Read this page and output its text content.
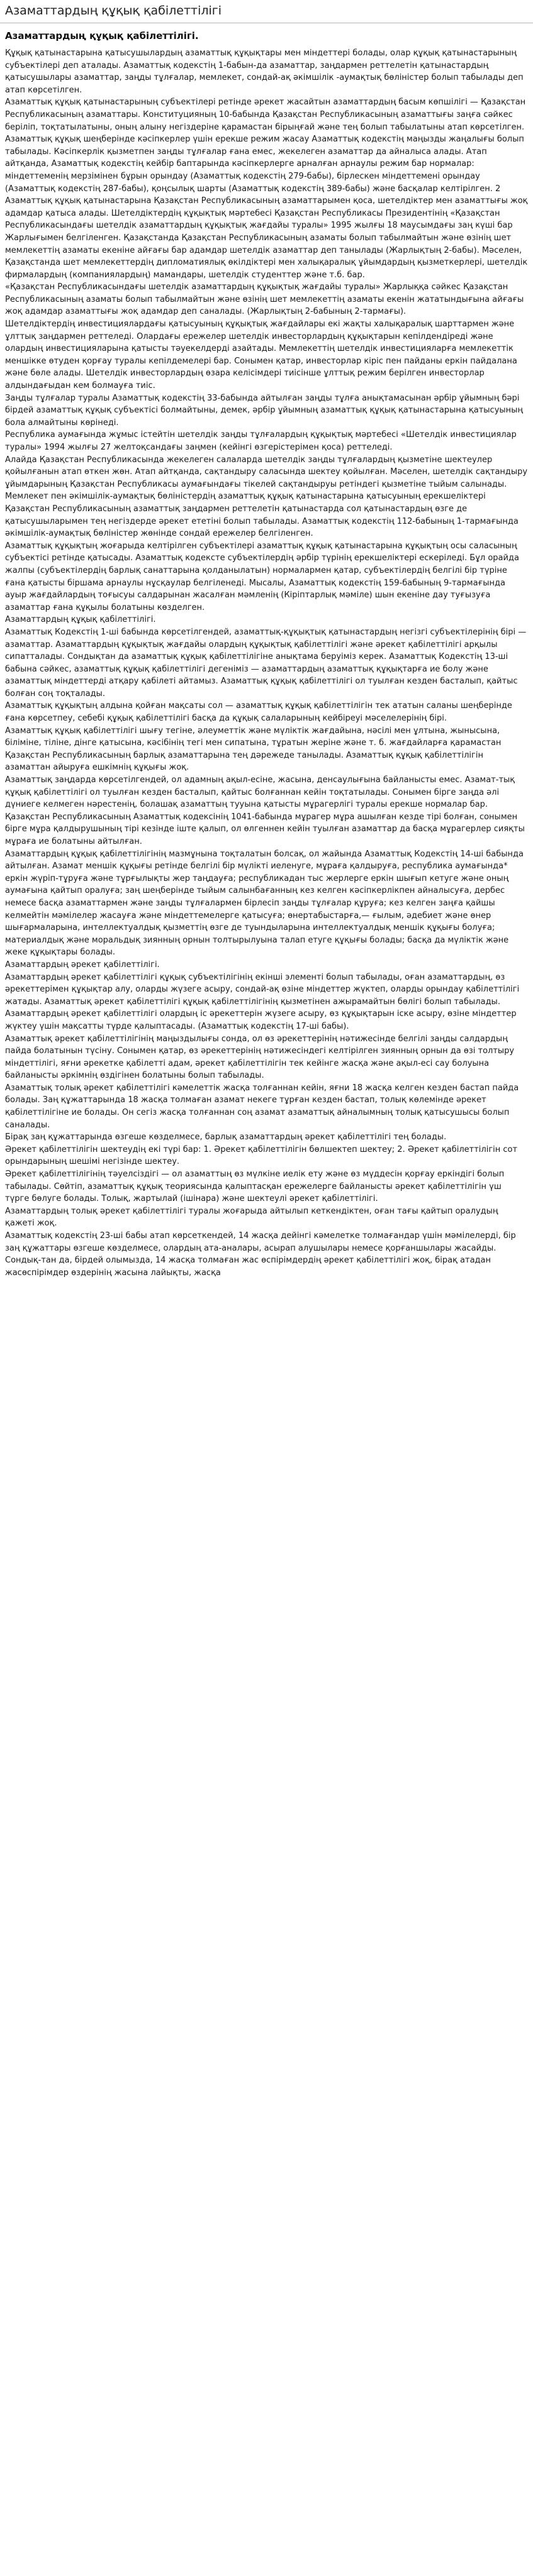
Азаматтардың құқық қабілеттілігі
Азаматтардың құқық қабілеттілігі.

Құқық қатынастарына қатысушылардың азаматтық құқықтары мен міндеттері болады, олар құқық қатынастарының субъектілері деп аталады. Азаматтық кодекстің 1-бабын-да азаматтар, заңдармен реттелетін қатынастардың қатысушылары азаматтар, заңды тұлғалар, мемлекет, сондай-ақ әкімшілік -аумақтық бөліністер болып табылады деп атап көрсетілген.

Азаматтық құқық қатынастарының субъектілері ретінде әрекет жасайтын азаматтардың басым көпшілігі — Қазақстан Республикасының азаматтары. Конституцияның 10-бабында Қазақстан Республикасының азаматтығы заңға сәйкес беріліп, тоқтатылатыны, оның алыну негіздеріне қарамастан бірыңғай және тең болып табылатыны атап көрсетілген.

Азаматтық құқық шеңберінде кәсіпкерлер үшін ерекше режим жасау Азаматтық кодекстің маңызды жаңалығы болып табылады. Кәсіпкерлік қызметпен заңды тұлғалар ғана емес, жекелеген азаматтар да айналыса алады. Атап айтқанда, Азаматтық кодекстің кейбір баптарында кәсіпкерлерге арналған арнаулы режим бар нормалар: міндеттеменің мерзімінен бұрын орындау (Азаматтық кодекстің 279-бабы), бірлескен міндеттемені орындау (Азаматтық кодекстің 287-бабы), қоңсылық шарты (Азаматтық кодекстің 389-бабы) және басқалар келтірілген. 2

Азаматтық құқық қатынастарына Қазақстан Республикасының азаматтарымен қоса, шетелдіктер мен азаматтығы жоқ адамдар қатыса алады. Шетелдіктердің құқықтық мәртебесі Қазақстан Республикасы Президентінің «Қазақстан Республикасындағы шетелдік азаматтардың құқықтық жағдайы туралы» 1995 жылғы 18 маусымдағы заң күші бар Жарлығымен белгіленген. Қазақстанда Қазақстан Республикасының азаматы болып табылмайтын және өзінің шет мемлекеттің азаматы екеніне айғағы бар адамдар шетелдік азаматтар деп танылады (Жарлықтың 2-бабы). Мәселен, Қазақстанда шет мемлекеттердің дипломатиялық өкілдіктері мен халықаралық ұйымдардың қызметкерлері, шетелдік фирмалардың (компаниялардың) мамандары, шетелдік студенттер және т.б. бар.

«Қазақстан Республикасындағы шетелдік азаматтардың құқықтық жағдайы туралы» Жарлыққа сәйкес Қазақстан Республикасының азаматы болып табылмайтын және өзінің шет мемлекеттің азаматы екенін жататындығына айғағы жоқ адамдар азаматтығы жоқ адамдар деп саналады. (Жарлықтың 2-бабының 2-тармағы).

Шетелдіктердің инвестициялардағы қатысуының құқықтық жағдайлары екі жақты халықаралық шарттармен және ұлттық заңдармен реттеледі. Олардағы ережелер шетелдік инвесторлардың құқықтарын кепілдендіреді және олардың инвестицияларына қатысты тәуекелдерді азайтады. Мемлекеттің шетелдік инвестицияларға мемлекеттік меншікке өтуден қорғау туралы кепілдемелері бар. Сонымен қатар, инвесторлар кіріс пен пайданы еркін пайдалана және бөле алады. Шетелдік инвесторлардың өзара келісімдері тиісінше ұлттық режим берілген инвесторлар алдындағыдан кем болмауға тиіс.

Заңды тұлғалар туралы Азаматтық кодекстің 33-бабында айтылған заңды тұлға анықтамасынан әрбір ұйымның бәрі бірдей азаматтық құқық субъектісі болмайтыны, демек, әрбір ұйымның азаматтық құқық қатынастарына қатысуының бола алмайтыны көрінеді.

Республика аумағында жұмыс істейтін шетелдік заңды тұлғалардың құқықтық мәртебесі «Шетелдік инвестициялар туралы» 1994 жылғы 27 желтоқсандағы заңмен (кейінгі өзгерістерімен қоса) реттеледі.

Алайда Қазақстан Республикасында жекелеген салаларда шетелдік заңды тұлғалардың қызметіне шектеулер қойылғанын атап өткен жөн. Атап айтқанда, сақтандыру саласында шектеу қойылған. Мәселен, шетелдік сақтандыру ұйымдарының Қазақстан Республикасы аумағындағы тікелей сақтандыруы ретіндегі қызметіне тыйым салынады.

Мемлекет пен әкімшілік-аумақтық бөліністердің азаматтық құқық қатынастарына қатысуының ерекшеліктері Қазақстан Республикасының азаматтық заңдармен реттелетін қатынастарда сол қатынастардың өзге де қатысушыларымен тең негіздерде әрекет ететіні болып табылады. Азаматтық кодекстің 112-бабының 1-тармағында әкімшілік-аумақтық бөліністер жөнінде сондай ережелер белгіленген.

Азаматтық құқықтың жоғарыда келтірілген субъектілері азаматтық құқық қатынастарына құқықтың осы саласының субъектісі ретінде қатысады. Азаматтық кодексте субъектілердің әрбір түрінің ерекшеліктері ескеріледі. Бұл орайда жалпы (субъектілердің барлық санаттарына қолданылатын) нормалармен қатар, субъектілердің белгілі бір түріне ғана қатысты біршама арнаулы нұсқаулар белгіленеді. Мысалы, Азаматтық кодекстің 159-бабының 9-тармағында ауыр жағдайлардың тоғысуы салдарынан жасалған мәмленің (Кіріптарлық мәміле) шын екеніне дау туғызуға азаматтар ғана құқылы болатыны көзделген.

Азаматтардың құқық қабілеттілігі.

Азаматтық Кодекстің 1-ші бабында көрсетілгендей, азаматтық-құқықтық қатынастардың негізгі субъектілерінің бірі — азаматтар. Азаматтардың құқықтық жағдайы олардың құқықтық қабілеттілігі және әрекет қабілеттілігі арқылы сипатталады. Сондықтан да азаматтық құқық қабілеттілігіне анықтама беруіміз керек. Азаматтық Кодекстің 13-ші бабына сәйкес, азаматтық құқық қабілеттілігі дегеніміз — азаматтардың азаматтық құқықтарға ие болу және азаматтық міндеттерді атқару қабілеті айтамыз. Азаматтық құқық қабілеттілігі ол туылған кезден басталып, қайтыс болған соң тоқталады.

Азаматтық құқықтың алдына қойған мақсаты сол — азаматтық құқық қабілеттілігін тек ататын саланы шеңберінде ғана көрсетпеу, себебі құқық қабілеттілігі басқа да құқық салаларының кейбіреуі мәселелерінің бірі.

Азаматтық құқық қабілеттілігі шығу тегіне, әлеуметтік және мүліктік жағдайына, нәсілі мен ұлтына, жынысына, біліміне, тіліне, дінге қатысына, кәсібінің тегі мен сипатына, тұратын жеріне және т. б. жағдайларға қарамастан Қазақстан Республикасының барлық азаматтарына тең дәрежеде танылады. Азаматтық құқық қабілеттілігін азаматтан айыруға ешкімнің құқығы жоқ.

Азаматтық заңдарда көрсетілгендей, ол адамның ақыл-есіне, жасына, денсаулығына байланысты емес. Азамат-тық құқық қабілеттілігі ол туылған кезден басталып, қайтыс болғаннан кейін тоқтатылады. Сонымен бірге заңда әлі дүниеге келмеген нәрестенің, болашақ азаматтың тууына қатысты мұрагерлігі туралы ерекше нормалар бар. Қазақстан Республикасының Азаматтық кодексінің 1041-бабында мұрагер мұра ашылған кезде тірі болған, сонымен бірге мұра қалдырушының тірі кезінде іште қалып, ол өлгеннен кейін туылған азаматтар да басқа мұрагерлер сияқты мұраға ие болатыны айтылған.

Азаматтардың құқық қабілеттілігінің мазмұнына тоқталатын болсақ, ол жайында Азаматтық Кодекстің 14-ші бабында айтылған. Азамат меншік құқығы ретінде белгілі бір мүлікті иеленуге, мұраға қалдыруға, республика аумағында* еркін жүріп-тұруға және тұрғылықты жер таңдауға; республикадан тыс жерлерге еркін шығып кетуге және оның аумағына қайтып оралуға; заң шеңберінде тыйым салынбағанның кез келген кәсіпкерлікпен айналысуға, дербес немесе басқа азаматтармен және заңды тұлғалармен бірлесіп заңды тұлғалар құруға; кез келген заңға қайшы келмейтін мәмілелер жасауға және міндеттемелерге қатысуға; өнертабыстарға,— ғылым, әдебиет және өнер шығармаларына, интеллектуалдық қызметтің өзге де туындыларына интеллектуалдық меншік құқығы болуға; материалдық және моральдық зиянның орнын толтырылуына талап етуге құқығы болады; басқа да мүліктік және жеке құқықтары болады.

Азаматтардың әрекет қабілеттілігі.

Азаматтардың әрекет қабілеттілігі құқық субъектілігінің екінші элементі болып табылады, оған азаматтардың, өз әрекеттерімен құқықтар алу, оларды жүзеге асыру, сондай-ақ өзіне міндеттер жүктеп, оларды орындау қабілеттілігі жатады. Азаматтық әрекет қабілеттілігі құқық қабілеттілігінің қызметінен ажырамайтын бөлігі болып табылады. Азаматтардың әрекет қабілеттілігі олардың іс әрекеттерін жүзеге асыру, өз құқықтарын іске асыру, өзіне міндеттер жүктеу үшін мақсатты түрде қалыптасады. (Азаматтық кодекстің 17-ші бабы).

Азаматтық әрекет қабілеттілігінің маңыздылығы сонда, ол өз әрекеттерінің нәтижесінде белгілі заңды салдардың пайда болатынын түсіну. Сонымен қатар, өз әрекеттерінің нәтижесіндегі келтірілген зиянның орнын да өзі толтыру міндеттілігі, яғни әрекетке қабілетті адам, әрекет қабілеттілігін тек кейінге жасқа және ақыл-есі сау болуына байланысты әркімнің өздігінен болатыны болып табылады.

Азаматтық толық әрекет қабілеттілігі кәмелеттік жасқа толғаннан кейін, яғни 18 жасқа келген кезден бастап пайда болады. Заң құжаттарында 18 жасқа толмаған азамат некеге тұрған кезден бастап, толық көлемінде әрекет қабілеттілігіне ие болады. Он сегіз жасқа толғаннан соң азамат азаматтық айналымның толық қатысушысы болып саналады.

Бірақ заң құжаттарында өзгеше көзделмесе, барлық азаматтардың әрекет қабілеттілігі тең болады.

Әрекет қабілеттілігін шектеудің екі түрі бар: 1. Әрекет қабілеттілігін бөлшектеп шектеу; 2. Әрекет қабілеттілігін сот орындарының шешімі негізінде шектеу.

Әрекет қабілеттілігінің тәуелсіздігі — ол азаматтың өз мүлкіне иелік ету және өз мүддесін қорғау еркіндігі болып табылады. Сөйтіп, азаматтық құқық теориясында қалыптасқан ережелерге байланысты әрекет қабілеттілігін үш түрге бөлуге болады. Толық, жартылай (ішінара) және шектеулі әрекет қабілеттілігі.

Азаматтардың толық әрекет қабілеттілігі туралы жоғарыда айтылып кеткендіктен, оған тағы қайтып оралудың қажеті жоқ.

Азаматтық кодекстің 23-ші бабы атап көрсеткендей, 14 жасқа дейінгі кәмелетке толмағандар үшін мәмілелерді, бір заң құжаттары өзгеше көзделмесе, олардың ата-аналары, асырап алушылары немесе қорғаншылары жасайды. Сондық-тан да, бірдей олымызда, 14 жасқа толмаған жас өспірімдердің әрекет қабілеттілігі жоқ, бірақ атадан жасөспірімдер өздерінің жасына лайықты, жасқа
